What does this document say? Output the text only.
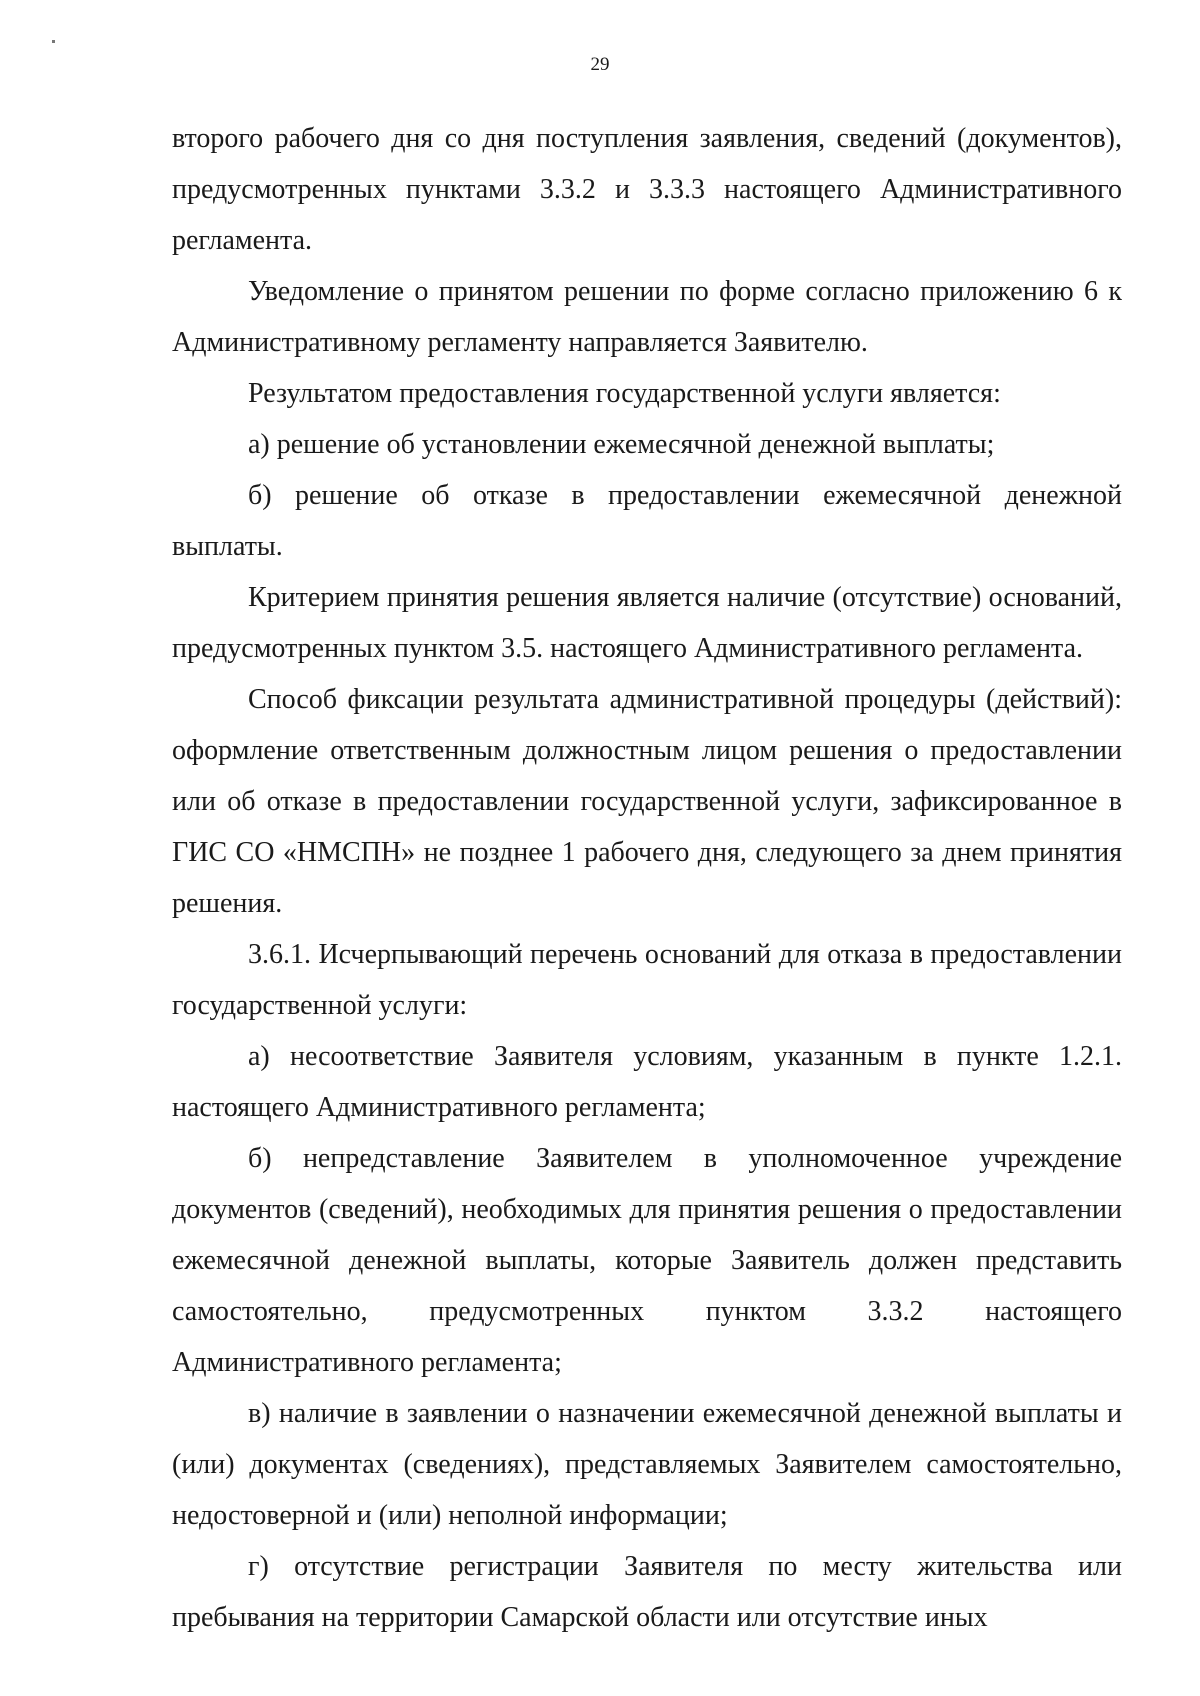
29

второго рабочего дня со дня поступления заявления, сведений (документов), предусмотренных пунктами 3.3.2 и 3.3.3 настоящего Административного регламента.

Уведомление о принятом решении по форме согласно приложению 6 к Административному регламенту направляется Заявителю.

Результатом предоставления государственной услуги является:

а) решение об установлении ежемесячной денежной выплаты;

б) решение об отказе в предоставлении ежемесячной денежной выплаты.

Критерием принятия решения является наличие (отсутствие) оснований, предусмотренных пунктом 3.5. настоящего Административного регламента.

Способ фиксации результата административной процедуры (действий): оформление ответственным должностным лицом решения о предоставлении или об отказе в предоставлении государственной услуги, зафиксированное в ГИС СО «НМСПН» не позднее 1 рабочего дня, следующего за днем принятия решения.

3.6.1. Исчерпывающий перечень оснований для отказа в предоставлении государственной услуги:

а) несоответствие Заявителя условиям, указанным в пункте 1.2.1. настоящего Административного регламента;

б) непредставление Заявителем в уполномоченное учреждение документов (сведений), необходимых для принятия решения о предоставлении ежемесячной денежной выплаты, которые Заявитель должен представить самостоятельно, предусмотренных пунктом 3.3.2 настоящего Административного регламента;

в) наличие в заявлении о назначении ежемесячной денежной выплаты и (или) документах (сведениях), представляемых Заявителем самостоятельно, недостоверной и (или) неполной информации;

г) отсутствие регистрации Заявителя по месту жительства или пребывания на территории Самарской области или отсутствие иных
